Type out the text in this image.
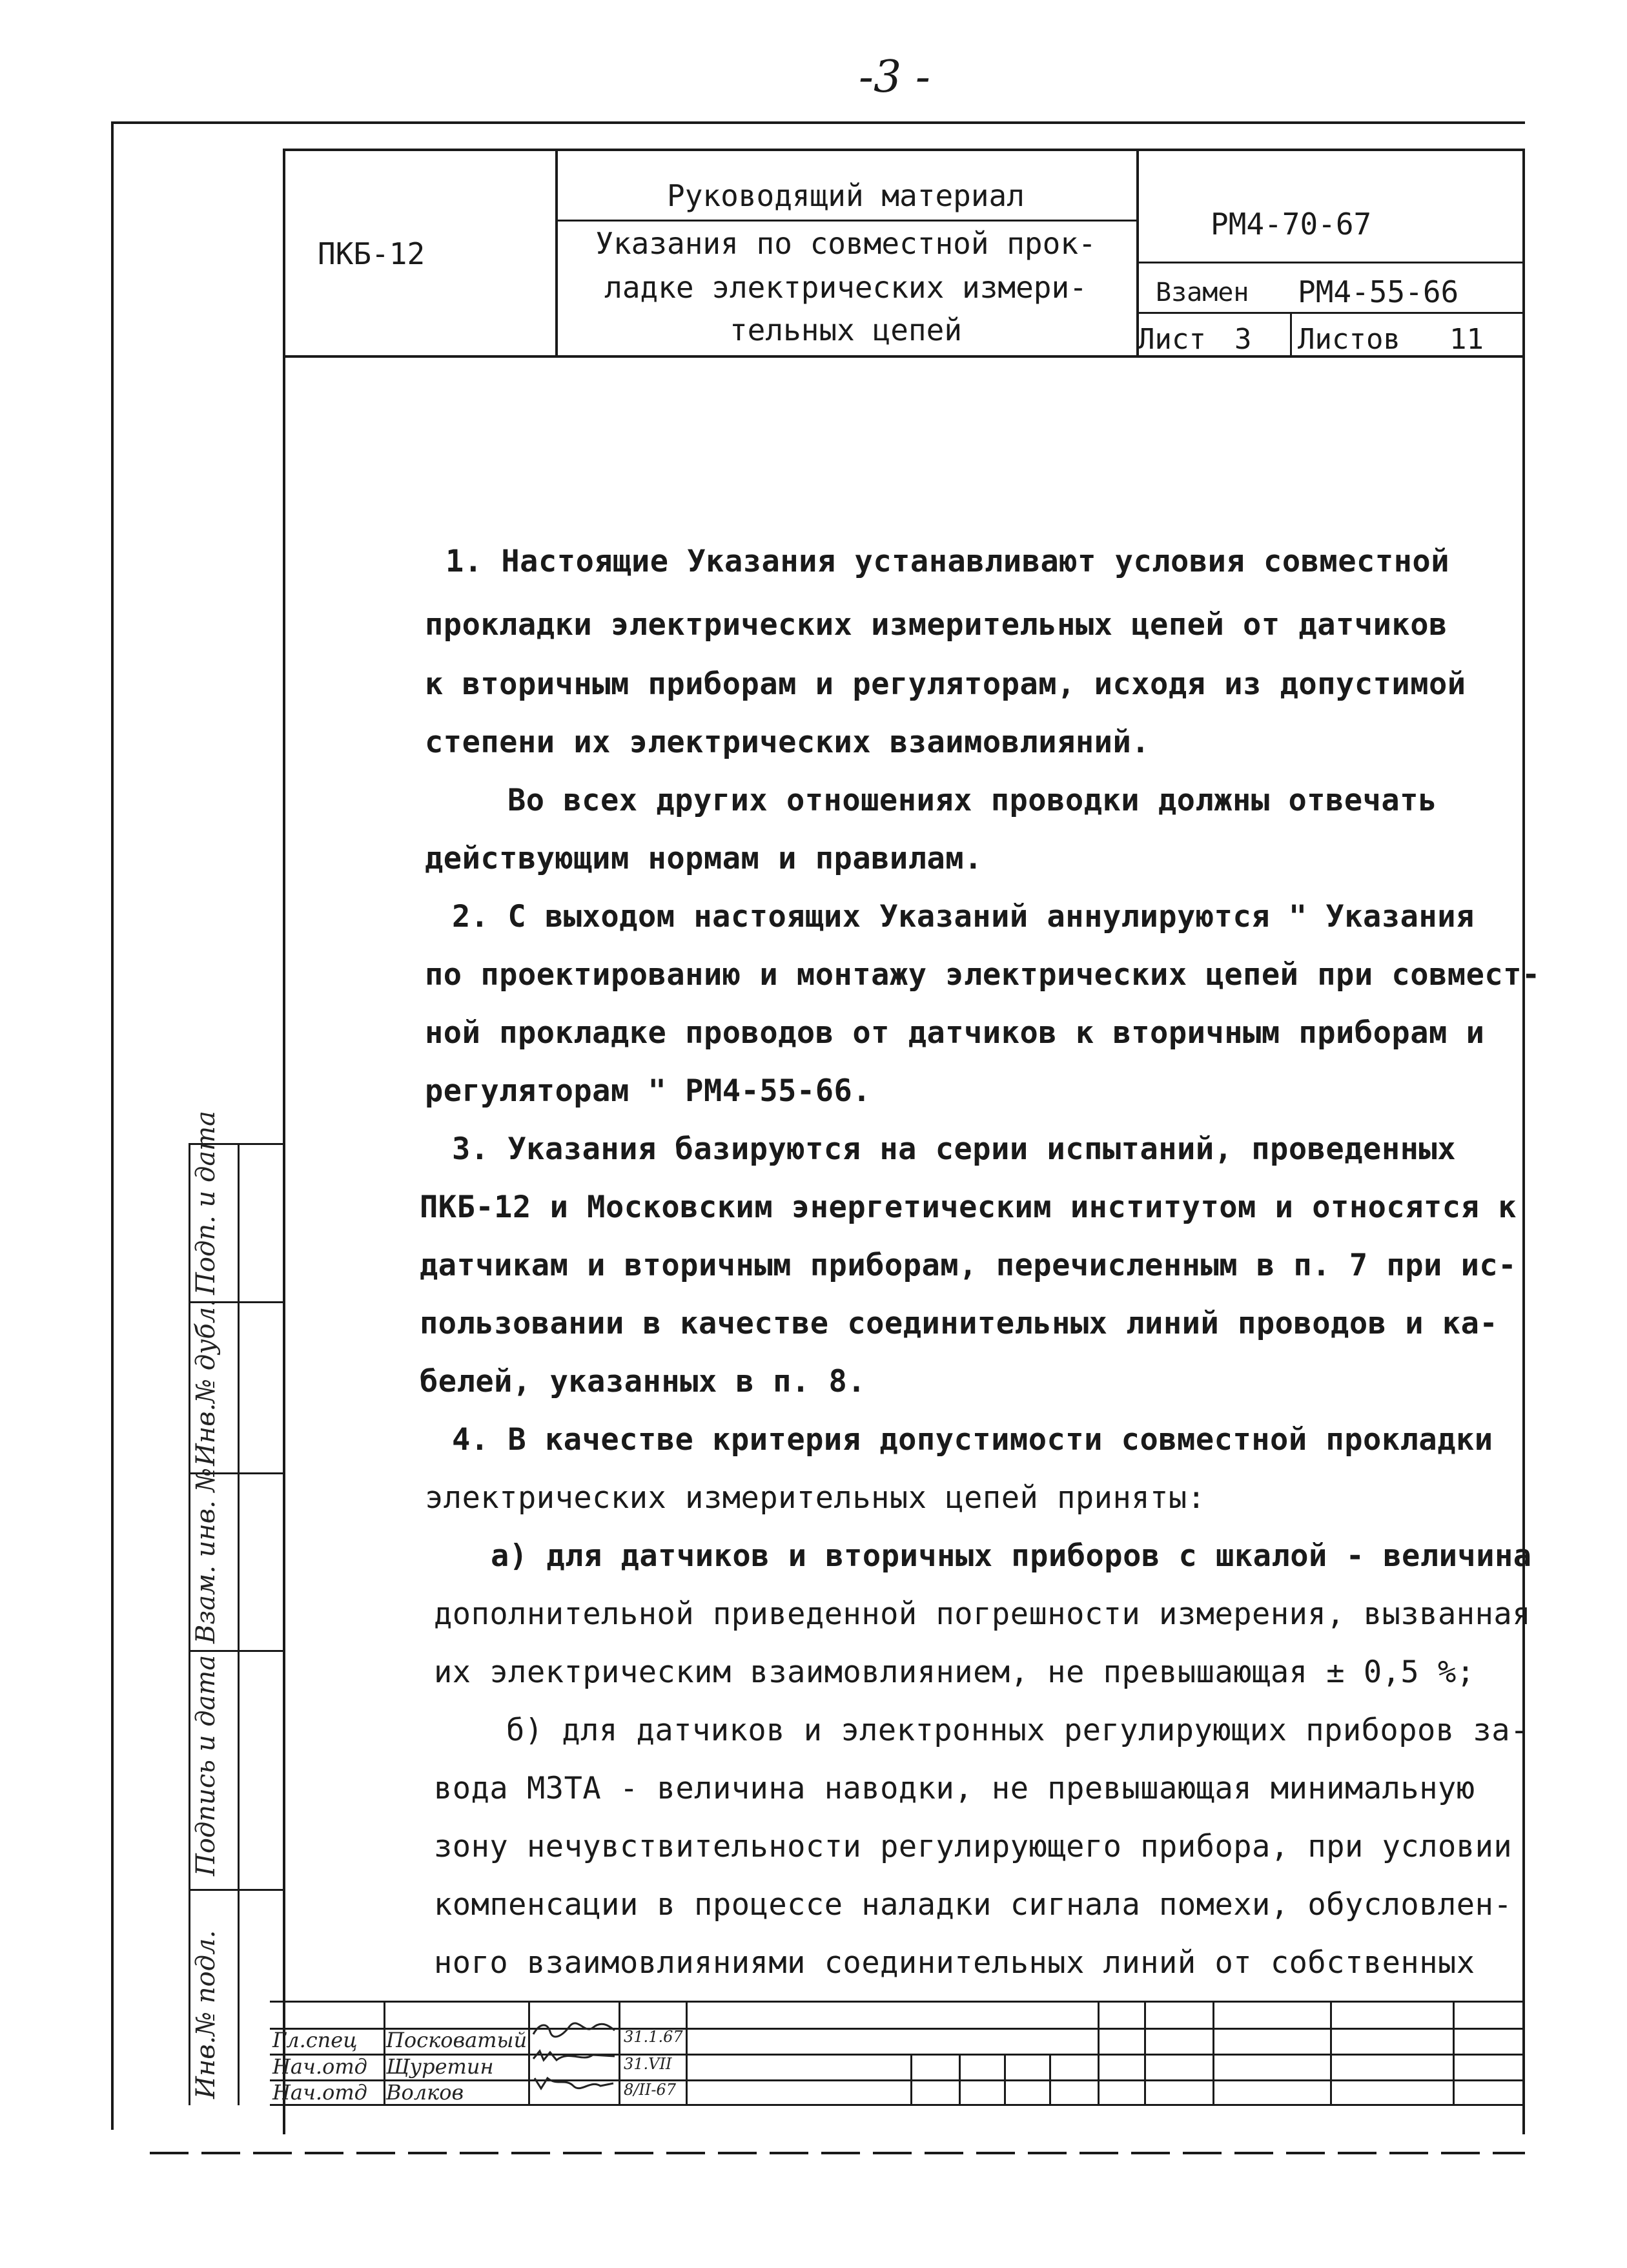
-3 -
ПКБ-12
Руководящий материал
Указания по совместной прок-
ладке электрических измери-
тельных цепей
РМ4-70-67
Взамен РМ4-55-66
Лист 3 Листов 11
1. Настоящие Указания устанавливают условия совместной
прокладки электрических измерительных цепей от датчиков
к вторичным приборам и регуляторам, исходя из допустимой
степени их электрических взаимовлияний.
Во всех других отношениях проводки должны отвечать
действующим нормам и правилам.
2. С выходом настоящих Указаний аннулируются " Указания
по проектированию и монтажу электрических цепей при совмест-
ной прокладке проводов от датчиков к вторичным приборам и
регуляторам " РМ4-55-66.
3. Указания базируются на серии испытаний, проведенных
ПКБ-12 и Московским энергетическим институтом и относятся к
датчикам и вторичным приборам, перечисленным в п. 7 при ис-
пользовании в качестве соединительных линий проводов и ка-
белей, указанных в п. 8.
4. В качестве критерия допустимости совместной прокладки
электрических измерительных цепей приняты:
а) для датчиков и вторичных приборов с шкалой - величина
дополнительной приведенной погрешности измерения, вызванная
их электрическим взаимовлиянием, не превышающая ± 0,5 %;
б) для датчиков и электронных регулирующих приборов за-
вода МЗТА - величина наводки, не превышающая минимальную
зону нечувствительности регулирующего прибора, при условии
компенсации в процессе наладки сигнала помехи, обусловлен-
ного взаимовлияниями соединительных линий от собственных
Инв.№ подл.
Подпись и дата
Взам. инв. №
Инв.№ дубл.
Подп. и дата
Гл.спец Посковатый	31.1.67
Нач.отд Щуретин	31.VII
Нач.отд Волков	8/II-67
